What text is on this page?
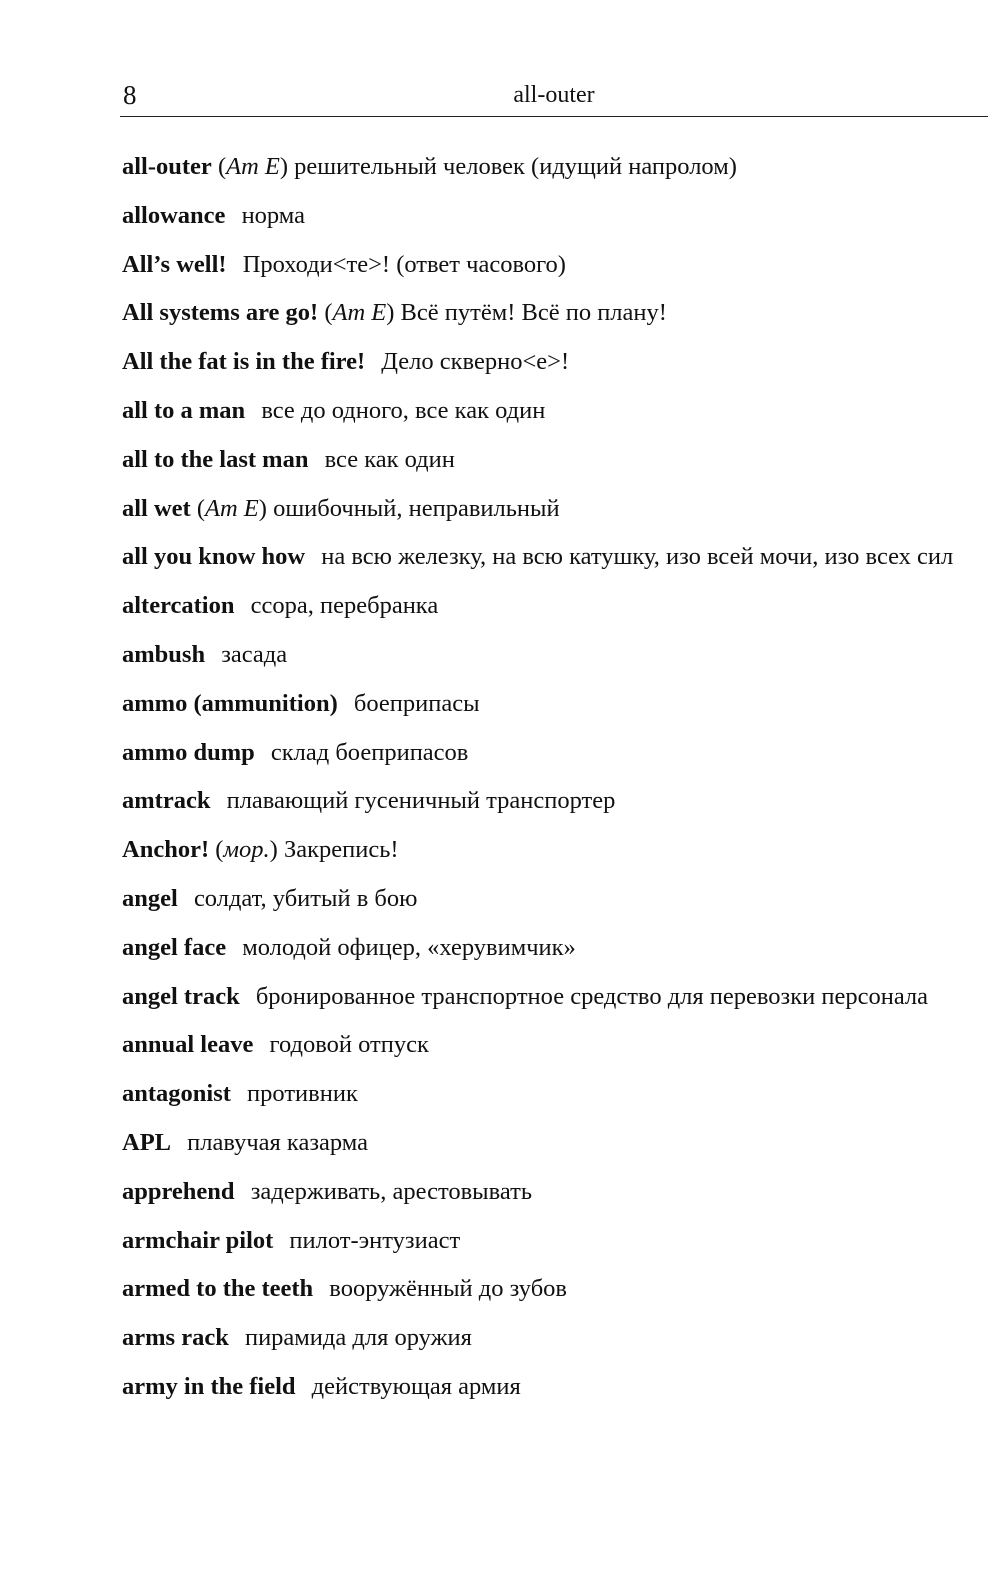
8	all-outer

all-outer (Am E) решительный человек (идущий напролом)

allowance норма

All’s well! Проходи<те>! (ответ часового)

All systems are go! (Am E) Всё путём! Всё по плану!

All the fat is in the fire! Дело скверно<е>!

all to a man все до одного, все как один

all to the last man все как один

all wet (Am E) ошибочный, неправильный

all you know how на всю железку, на всю катушку, изо всей мочи, изо всех сил

altercation ссора, перебранка

ambush засада

ammo (ammunition) боеприпасы

ammo dump склад боеприпасов

amtrack плавающий гусеничный транспортер

Anchor! (мор.) Закрепись!

angel солдат, убитый в бою

angel face молодой офицер, «херувимчик»

angel track бронированное транспортное средство для перевозки персонала

annual leave годовой отпуск

antagonist противник

APL плавучая казарма

apprehend задерживать, арестовывать

armchair pilot пилот-энтузиаст

armed to the teeth вооружённый до зубов

arms rack пирамида для оружия

army in the field действующая армия
